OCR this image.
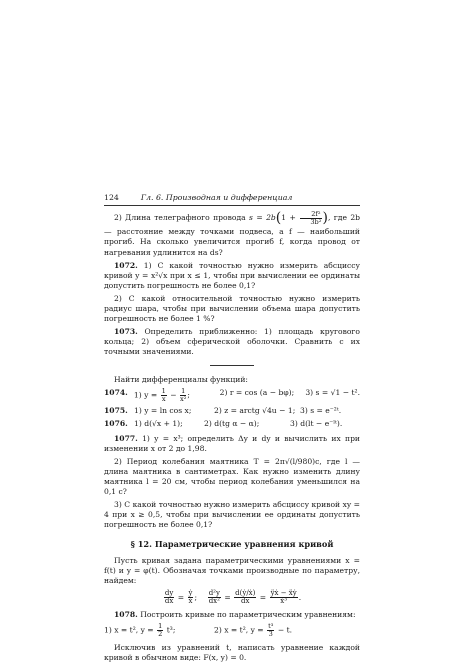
124	Гл. 6. Производная и дифференциал

2) Длина телеграфного провода $s = 2b(1 + \frac{\text{2f²}}{\text{3b²}}$ ), где 2b — расстояние между точками подвеса, а f — наибольший прогиб. На сколько увеличится прогиб f, когда провод от нагревания удлинится на ds?

1072. 1) С какой точностью нужно измерить абсциссу кривой y = x²√x при x ≤ 1, чтобы при вычислении ее ординаты допустить погрешность не более 0,1?

2) С какой относительной точностью нужно измерить радиус шара, чтобы при вычислении объема шара допустить погрешность не более 1 %?

1073. Определить приближенно: 1) площадь кругового кольца; 2) объем сферической оболочки. Сравнить с их точными значениями.

Найти дифференциалы функций:

1074. 1) $y = \frac{1}{x} - \frac{1}{\text{x²}}$ ;	2) r = cos (a − bφ);	3) s = √1 − t².
1075. 1) y = ln cos x;	2) z = arctg √4u − 1; 3) s = e⁻²ᵗ.
1076. 1) d(√x + 1);	2) d(tg α − α);	3) d(lt − e⁻ˡᵗ).

1077. 1) y = x³; определить Δy и dy и вычислить их при изменении x от 2 до 1,98.

2) Период колебания маятника T = 2π√(l/980)c, где l — длина маятника в сантиметрах. Как нужно изменить длину маятника l = 20 см, чтобы период колебания уменьшился на 0,1 c?

3) С какой точностью нужно измерить абсциссу кривой xy = 4 при x ≥ 0,5, чтобы при вычислении ее ординаты допустить погрешность не более 0,1?

§ 12. Параметрические уравнения кривой

Пусть кривая задана параметрическими уравнениями x = f(t) и y = φ(t). Обозначая точками производные по параметру, найдем:

$\frac{dy}{dx} = \frac{\text{ẏ}}{\text{ẋ}}$ ; $\frac{\text{d²y}}{\text{dx²}} = \frac{\text{d(ẏ/ẋ)}}{dx} = \frac{\text{ÿẋ − ẍẏ}}{\text{ẋ³}}$ .

1078. Построить кривые по параметрическим уравнениям:

1) x = t², $y = \frac{1}{2} t^3$;	2) x = t², $y = \frac{\text{t³}}{3} - t$.

Исключив из уравнений t, написать уравнение каждой кривой в обычном виде: F(x, y) = 0.
